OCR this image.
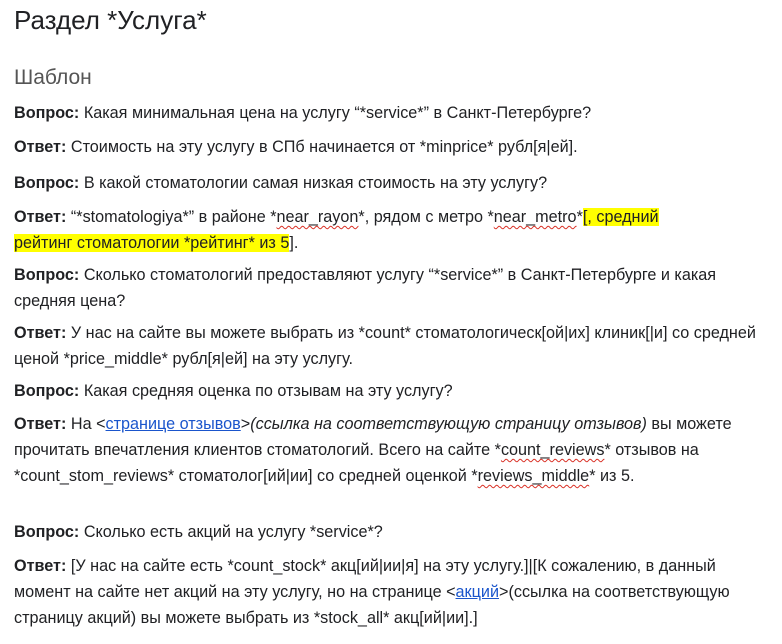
Раздел *Услуга*
Шаблон
Вопрос: Какая минимальная цена на услугу “*service*” в Санкт-Петербурге?
Ответ: Стоимость на эту услугу в СПб начинается от *minprice* рубл[я|ей].
Вопрос: В какой стоматологии самая низкая стоимость на эту услугу?
Ответ: “*stomatologiya*” в районе *near_rayon*, рядом с метро *near_metro*[, средний
рейтинг стоматологии *рейтинг* из 5].
Вопрос: Сколько стоматологий предоставляют услугу “*service*” в Санкт-Петербурге и какая средняя цена?
Ответ: У нас на сайте вы можете выбрать из *count* стоматологическ[ой|их] клиник[|и] со средней ценой *price_middle* рубл[я|ей] на эту услугу.
Вопрос: Какая средняя оценка по отзывам на эту услугу?
Ответ: На <странице отзывов>(ссылка на соответствующую страницу отзывов) вы можете прочитать впечатления клиентов стоматологий. Всего на сайте *count_reviews* отзывов на *count_stom_reviews* стоматолог[ий|ии] со средней оценкой *reviews_middle* из 5.
Вопрос: Сколько есть акций на услугу *service*?
Ответ: [У нас на сайте есть *count_stock* акц[ий|ии|я] на эту услугу.]|[К сожалению, в данный момент на сайте нет акций на эту услугу, но на странице <акций>(ссылка на соответствующую страницу акций) вы можете выбрать из *stock_all* акц[ий|ии].]
